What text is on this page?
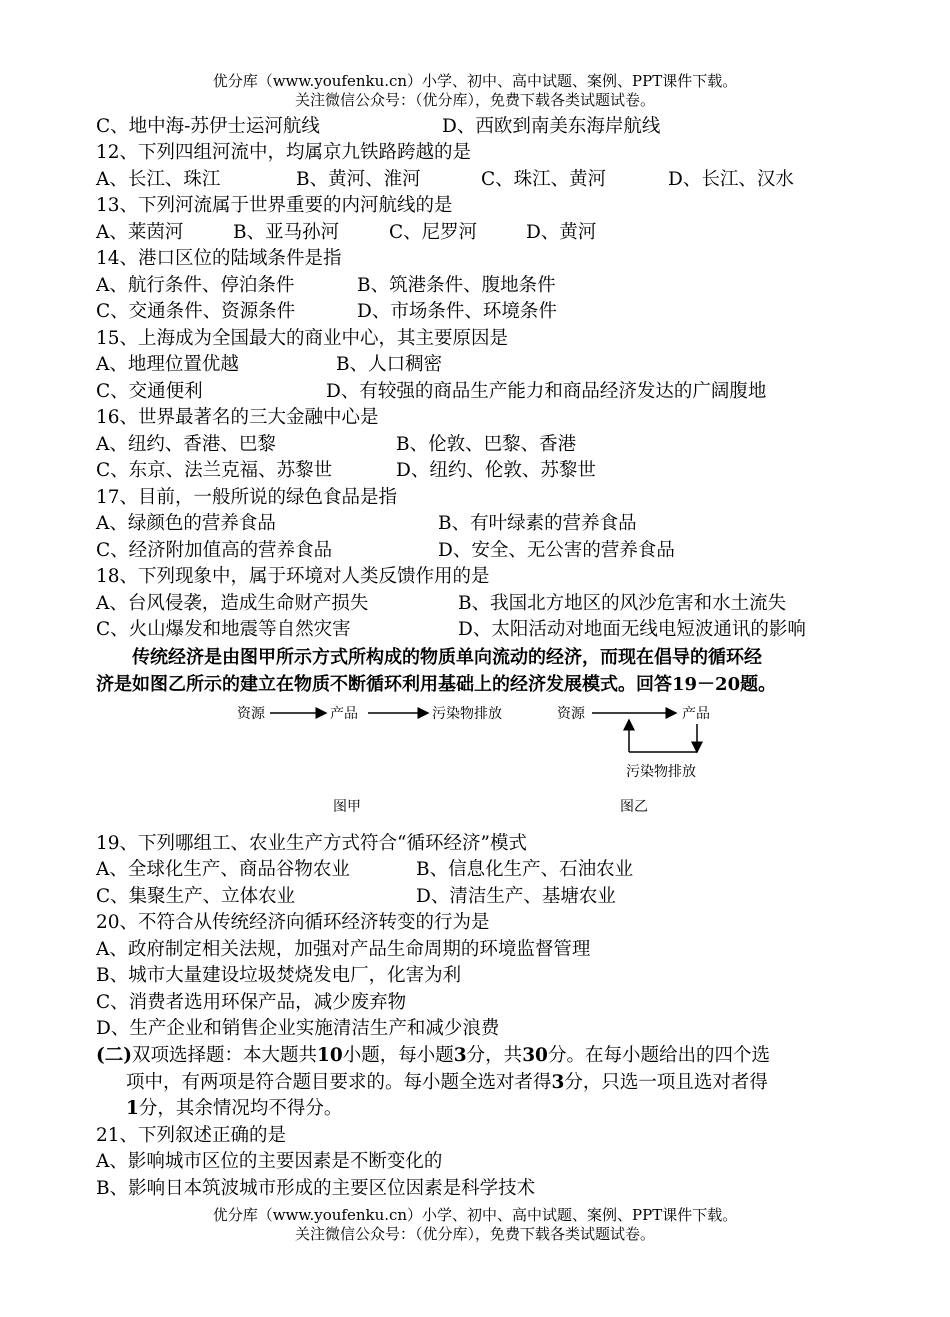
优分库（www.youfenku.cn）小学、初中、高中试题、案例、PPT课件下载。
关注微信公众号：（优分库），免费下载各类试题试卷。
C、地中海-苏伊士运河航线	D、西欧到南美东海岸航线
12、下列四组河流中，均属京九铁路跨越的是
A、长江、珠江	B、黄河、淮河	C、珠江、黄河	D、长江、汉水
13、下列河流属于世界重要的内河航线的是
A、莱茵河	B、亚马孙河	C、尼罗河	D、黄河
14、港口区位的陆域条件是指
A、航行条件、停泊条件	B、筑港条件、腹地条件
C、交通条件、资源条件	D、市场条件、环境条件
15、上海成为全国最大的商业中心，其主要原因是
A、地理位置优越	B、人口稠密
C、交通便利	D、有较强的商品生产能力和商品经济发达的广阔腹地
16、世界最著名的三大金融中心是
A、纽约、香港、巴黎	B、伦敦、巴黎、香港
C、东京、法兰克福、苏黎世	D、纽约、伦敦、苏黎世
17、目前，一般所说的绿色食品是指
A、绿颜色的营养食品	B、有叶绿素的营养食品
C、经济附加值高的营养食品	D、安全、无公害的营养食品
18、下列现象中，属于环境对人类反馈作用的是
A、台风侵袭，造成生命财产损失	B、我国北方地区的风沙危害和水土流失
C、火山爆发和地震等自然灾害	D、太阳活动对地面无线电短波通讯的影响
传统经济是由图甲所示方式所构成的物质单向流动的经济，而现在倡导的循环经
济是如图乙所示的建立在物质不断循环利用基础上的经济发展模式。回答19－20题。
资源	产品	污染物排放
图甲
资源	产品
污染物排放
图乙
19、下列哪组工、农业生产方式符合“循环经济”模式
A、全球化生产、商品谷物农业	B、信息化生产、石油农业
C、集聚生产、立体农业	D、清洁生产、基塘农业
20、不符合从传统经济向循环经济转变的行为是
A、政府制定相关法规，加强对产品生命周期的环境监督管理
B、城市大量建设垃圾焚烧发电厂，化害为利
C、消费者选用环保产品，减少废弃物
D、生产企业和销售企业实施清洁生产和减少浪费
(二)双项选择题：本大题共10小题，每小题3分，共30分。在每小题给出的四个选
项中，有两项是符合题目要求的。每小题全选对者得3分，只选一项且选对者得
1分，其余情况均不得分。
21、下列叙述正确的是
A、影响城市区位的主要因素是不断变化的
B、影响日本筑波城市形成的主要区位因素是科学技术
优分库（www.youfenku.cn）小学、初中、高中试题、案例、PPT课件下载。
关注微信公众号：（优分库），免费下载各类试题试卷。
